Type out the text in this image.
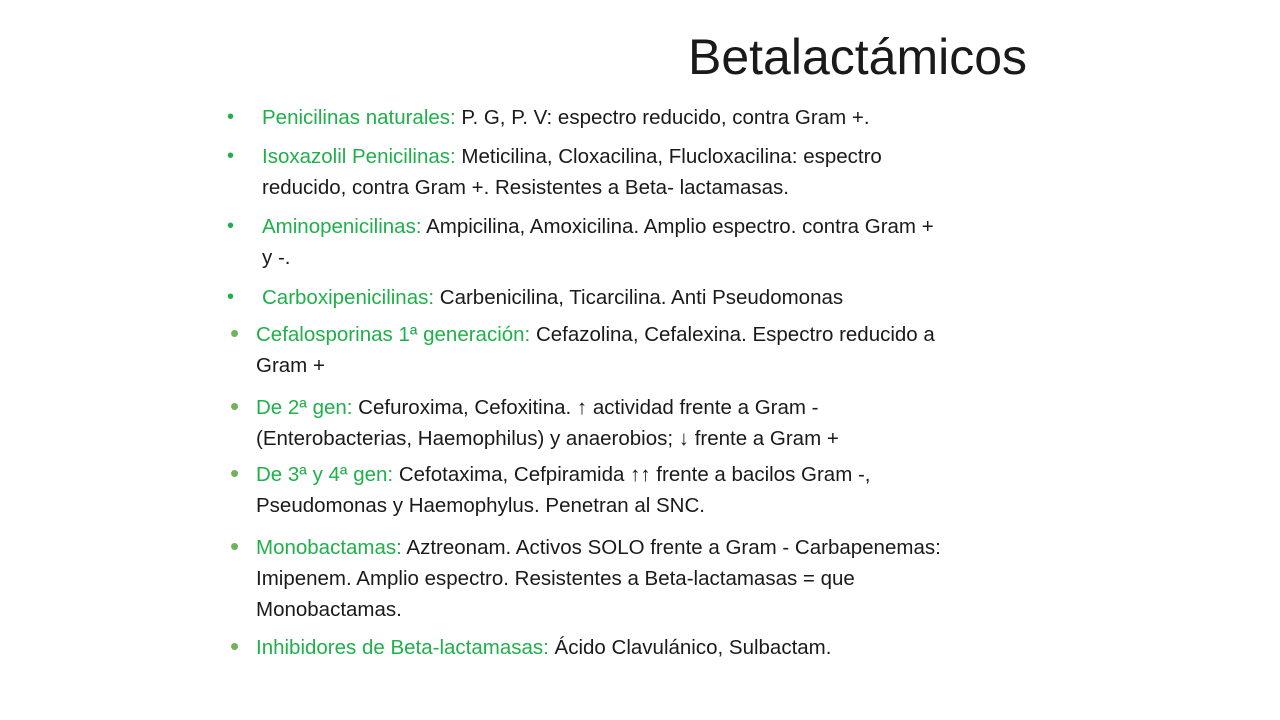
Betalactámicos
• Penicilinas naturales: P. G, P. V: espectro reducido, contra Gram +.
• Isoxazolil Penicilinas: Meticilina, Cloxacilina, Flucloxacilina: espectro
reducido, contra Gram +. Resistentes a Beta- lactamasas.
• Aminopenicilinas: Ampicilina, Amoxicilina. Amplio espectro. contra Gram +
y -.
• Carboxipenicilinas: Carbenicilina, Ticarcilina. Anti Pseudomonas
• Cefalosporinas 1ª generación: Cefazolina, Cefalexina. Espectro reducido a
Gram +
• De 2ª gen: Cefuroxima, Cefoxitina. ↑ actividad frente a Gram -
(Enterobacterias, Haemophilus) y anaerobios; ↓ frente a Gram +
• De 3ª y 4ª gen: Cefotaxima, Cefpiramida ↑↑ frente a bacilos Gram -,
Pseudomonas y Haemophylus. Penetran al SNC.
• Monobactamas: Aztreonam. Activos SOLO frente a Gram - Carbapenemas:
Imipenem. Amplio espectro. Resistentes a Beta-lactamasas = que
Monobactamas.
• Inhibidores de Beta-lactamasas: Ácido Clavulánico, Sulbactam.
